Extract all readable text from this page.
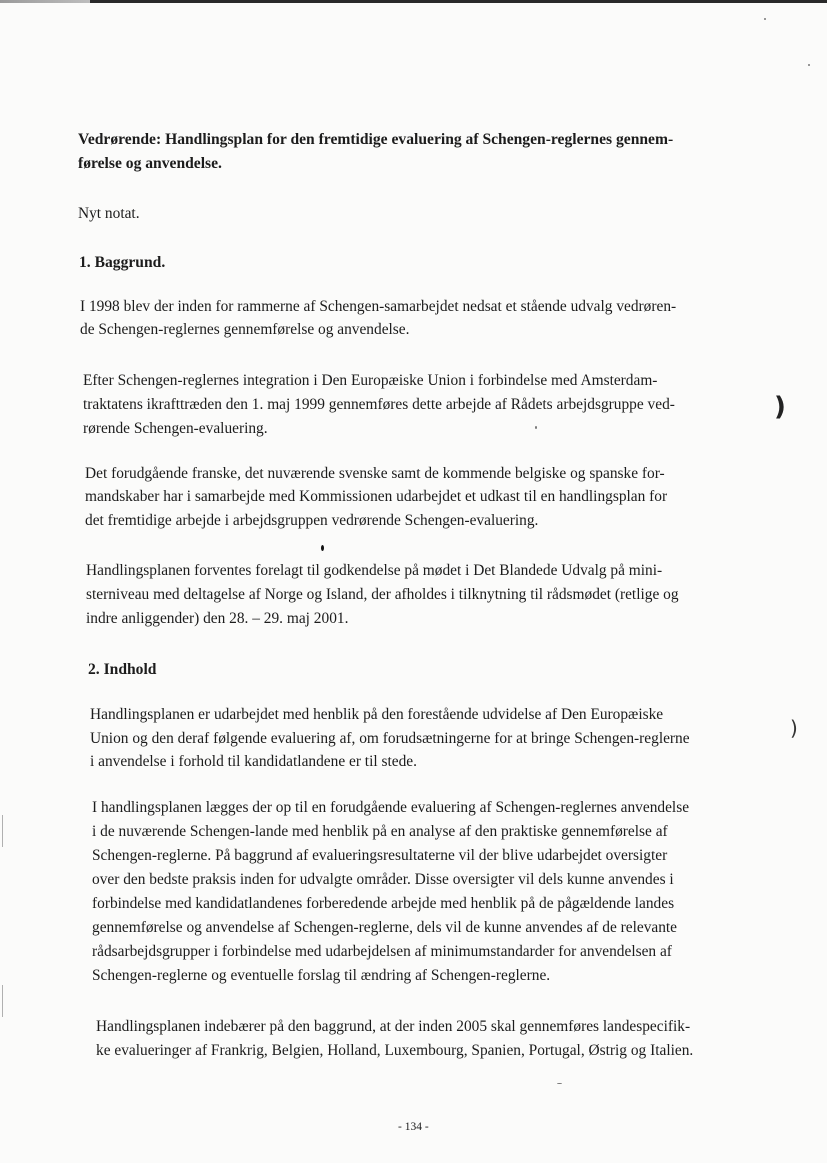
)
)
Vedrørende: Handlingsplan for den fremtidige evaluering af Schengen-reglernes gennem-
førelse og anvendelse.
Nyt notat.
1. Baggrund.
I 1998 blev der inden for rammerne af Schengen-samarbejdet nedsat et stående udvalg vedrøren-
de Schengen-reglernes gennemførelse og anvendelse.
Efter Schengen-reglernes integration i Den Europæiske Union i forbindelse med Amsterdam-
traktatens ikrafttræden den 1. maj 1999 gennemføres dette arbejde af Rådets arbejdsgruppe ved-
rørende Schengen-evaluering.
Det forudgående franske, det nuværende svenske samt de kommende belgiske og spanske for-
mandskaber har i samarbejde med Kommissionen udarbejdet et udkast til en handlingsplan for
det fremtidige arbejde i arbejdsgruppen vedrørende Schengen-evaluering.
Handlingsplanen forventes forelagt til godkendelse på mødet i Det Blandede Udvalg på mini-
sterniveau med deltagelse af Norge og Island, der afholdes i tilknytning til rådsmødet (retlige og
indre anliggender) den 28. – 29. maj 2001.
2. Indhold
Handlingsplanen er udarbejdet med henblik på den forestående udvidelse af Den Europæiske
Union og den deraf følgende evaluering af, om forudsætningerne for at bringe Schengen-reglerne
i anvendelse i forhold til kandidatlandene er til stede.
I handlingsplanen lægges der op til en forudgående evaluering af Schengen-reglernes anvendelse
i de nuværende Schengen-lande med henblik på en analyse af den praktiske gennemførelse af
Schengen-reglerne. På baggrund af evalueringsresultaterne vil der blive udarbejdet oversigter
over den bedste praksis inden for udvalgte områder. Disse oversigter vil dels kunne anvendes i
forbindelse med kandidatlandenes forberedende arbejde med henblik på de pågældende landes
gennemførelse og anvendelse af Schengen-reglerne, dels vil de kunne anvendes af de relevante
rådsarbejdsgrupper i forbindelse med udarbejdelsen af minimumstandarder for anvendelsen af
Schengen-reglerne og eventuelle forslag til ændring af Schengen-reglerne.
Handlingsplanen indebærer på den baggrund, at der inden 2005 skal gennemføres landespecifik-
ke evalueringer af Frankrig, Belgien, Holland, Luxembourg, Spanien, Portugal, Østrig og Italien.
- 134 -
